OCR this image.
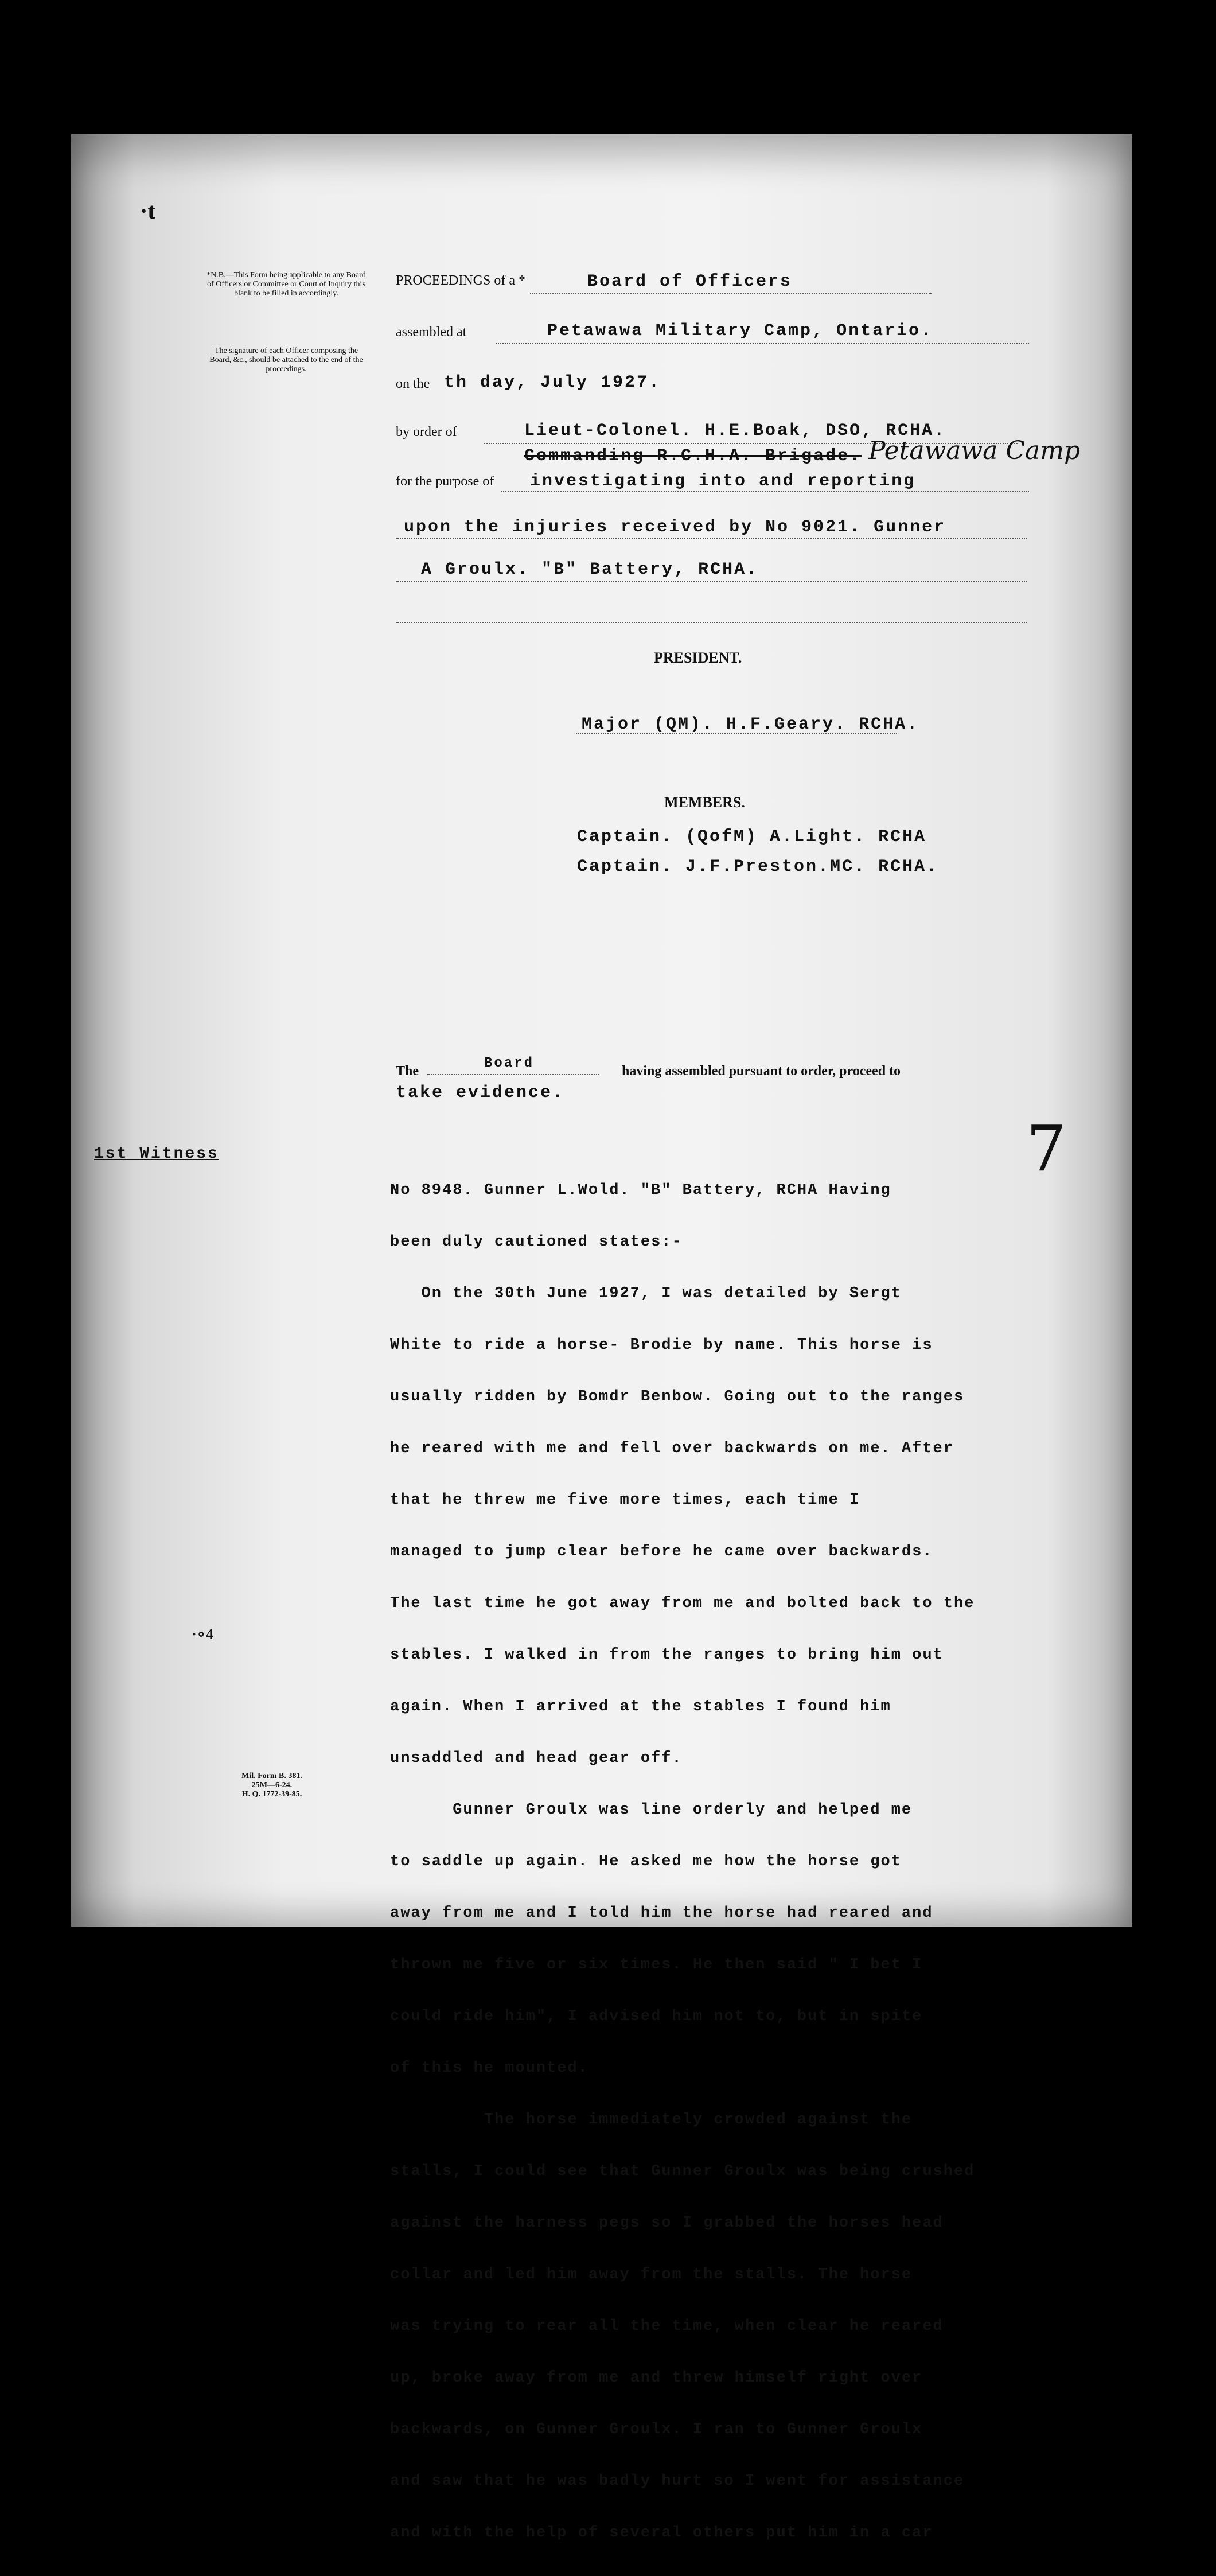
·t
*N.B.—This Form being applicable to any Board of Officers or Committee or Court of Inquiry this blank to be filled in accordingly.
The signature of each Officer composing the Board, &c., should be attached to the end of the proceedings.
PROCEEDINGS of a *	Board of Officers
assembled at	Petawawa Military Camp, Ontario.
on the th day, July 1927.
by order of	Lieut-Colonel. H.E.Boak, DSO, RCHA.
Commanding R.C.H.A. Brigade. Petawawa Camp
for the purpose of investigating into and reporting
upon the injuries received by No 9021. Gunner
A Groulx. "B" Battery, RCHA.
PRESIDENT.
Major (QM). H.F.Geary. RCHA.
MEMBERS.
Captain. (QofM) A.Light. RCHA
Captain. J.F.Preston.MC. RCHA.
The	Board	having assembled pursuant to order, proceed to
take evidence.
7
1st Witness

No 8948. Gunner L.Wold. "B" Battery, RCHA Having

been duly cautioned states:-

On the 30th June 1927, I was detailed by Sergt

White to ride a horse- Brodie by name. This horse is

usually ridden by Bomdr Benbow. Going out to the ranges

he reared with me and fell over backwards on me. After

that he threw me five more times, each time I

managed to jump clear before he came over backwards.

The last time he got away from me and bolted back to the

stables. I walked in from the ranges to bring him out

again. When I arrived at the stables I found him

unsaddled and head gear off.

Gunner Groulx was line orderly and helped me

to saddle up again. He asked me how the horse got

away from me and I told him the horse had reared and

thrown me five or six times. He then said " I bet I

could ride him", I advised him not to, but in spite

of this he mounted.

The horse immediately crowded against the

stalls, I could see that Gunner Groulx was being crushed

against the harness pegs so I grabbed the horses head

collar and led him away from the stalls. The horse

was trying to rear all the time, when clear he reared

up, broke away from me and threw himself right over

backwards, on Gunner Groulx. I ran to Gunner Groulx

and saw that he was badly hurt so I went for assistance

and with the help of several others put him in a car

·∘4
Mil. Form B. 381.
25M—6-24.
H. Q. 1772-39-85.
